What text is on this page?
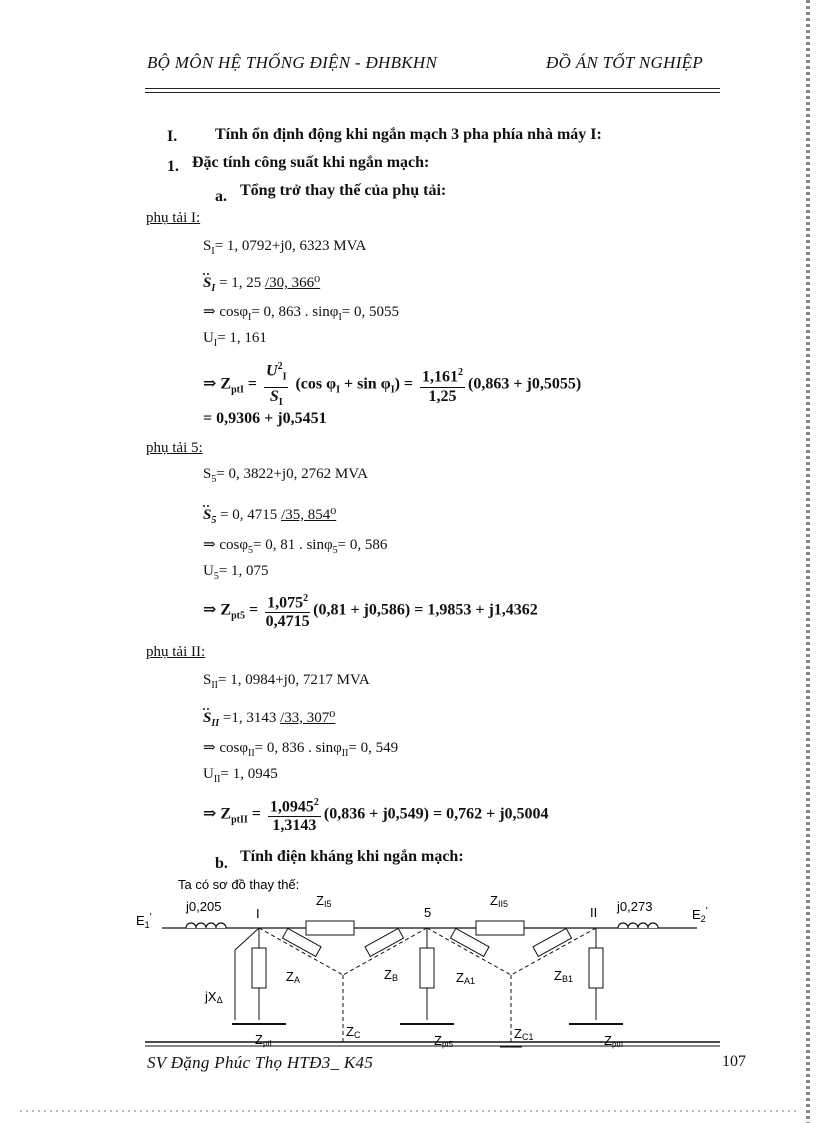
BỘ MÔN HỆ THỐNG ĐIỆN - ĐHBKHN	ĐỒ ÁN TỐT NGHIỆP
I. Tính ổn định động khi ngắn mạch 3 pha phía nhà máy I:
1. Đặc tính công suất khi ngắn mạch:
a. Tổng trở thay thế của phụ tải:
phụ tải I:
$S_I= 1$, 0792+j0, 6323 MVA
$S_I = 1$, 25 /30, 366⁰
⇒ cosφ$_I$= 0, 863 . sinφ$_I$= 0, 5055
$U_I= 1$, 161
⇒ $Z_{ptI} = \frac{U^2_I}{S_I} (\cos$ $\varphi_I + \sin \varphi_I) = \frac{1,161^2}{1,25} (0,863 + j0,5055)$
= 0,9306 + j0,5451
phụ tải 5:
$S_5= 0$, 3822+j0, 2762 MVA
$S_5 = 0$, 4715 /35, 854⁰
⇒ cosφ$_5$= 0, 81 . sinφ$_5$= 0, 586
$U_5= 1$, 075
⇒ $Z_{pt5} = \frac{1,075^2}{0,4715} (0,81 + j0,586) = 1,9853 + j1,4362$
phụ tải II:
$S_{II}= 1$, 0984+j0, 7217 MVA
$S_{II} =1$, 3143 /33, 307⁰
⇒ cosφ$_{II}$= 0, 836 . sinφ$_{II}$= 0, 549
$U_{II}= 1$, 0945
⇒ $Z_{ptII} = \frac{1,0945^2}{1,3143} (0,836 + j0,549) = 0,762 + j0,5004$
b. Tính điện kháng khi ngắn mạch:
Ta có sơ đồ thay thế:
$E_1'$	$E_2'$
j0,205	j0,273
I	5	II
ZI5	ZII5
ZA	ZB	ZA1	ZB1
ZC	ZC1
jXΔ
ZptI	Zpt5	ZptII
SV Đặng Phúc Thọ HTĐ3_ K45	107
